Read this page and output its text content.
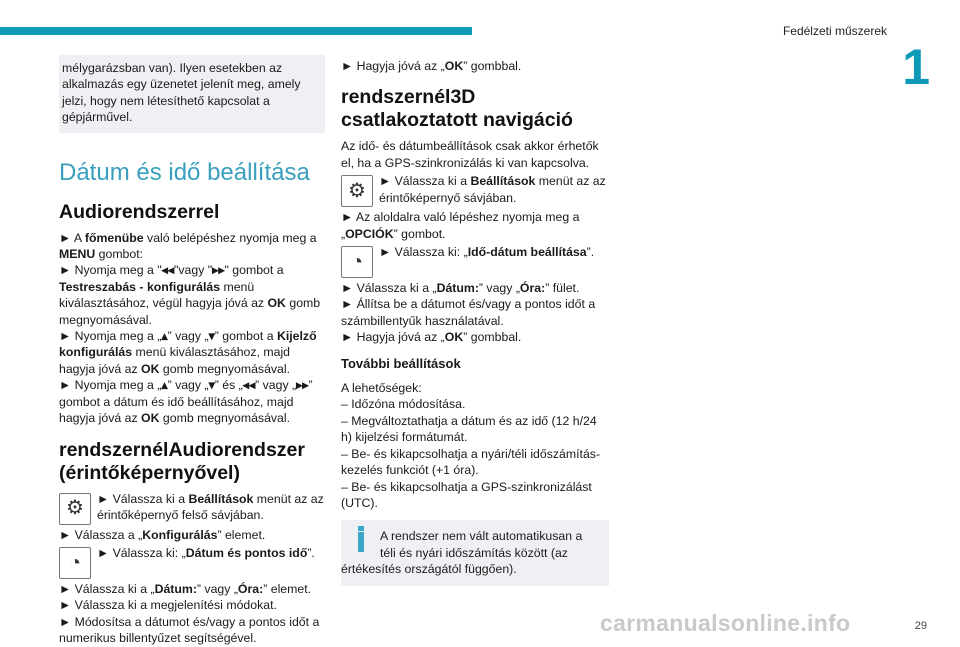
Fedélzeti műszerek
1

mélygarázsban van). Ilyen esetekben az alkalmazás egy üzenetet jelenít meg, amely jelzi, hogy nem létesíthető kapcsolat a gépjárművel.

Dátum és idő beállítása
Audiorendszerrel

► A főmenübe való belépéshez nyomja meg a MENU gombot:

► Nyomja meg a "◂◂"vagy "▸▸" gombot a Testreszabás - konfigurálás menü kiválasztásához, végül hagyja jóvá az OK gomb megnyomásával.

► Nyomja meg a „▴” vagy „▾” gombot a Kijelző konfigurálás menü kiválasztásához, majd hagyja jóvá az OK gomb megnyomásával.

► Nyomja meg a „▴” vagy „▾” és „◂◂” vagy „▸▸” gombot a dátum és idő beállításához, majd hagyja jóvá az OK gomb megnyomásával.

rendszernélAudiorendszer (érintőképernyővel)
⚙	► Válassza ki a Beállítások menüt az az érintőképernyő felső sávjában.

► Válassza a „Konfigurálás” elemet.

◔	► Válassza ki: „Dátum és pontos idő”.

► Válassza ki a „Dátum:” vagy „Óra:” elemet.

► Válassza ki a megjelenítési módokat.

► Módosítsa a dátumot és/vagy a pontos időt a numerikus billentyűzet segítségével.

► Hagyja jóvá az „OK” gombbal.

rendszernél3D csatlakoztatott navigáció

Az idő- és dátumbeállítások csak akkor érhetők el, ha a GPS-szinkronizálás ki van kapcsolva.

⚙	► Válassza ki a Beállítások menüt az az érintőképernyő sávjában.

► Az aloldalra való lépéshez nyomja meg a „OPCIÓK” gombot.

◔	► Válassza ki: „Idő-dátum beállítása”.

► Válassza ki a „Dátum:” vagy „Óra:” fület.

► Állítsa be a dátumot és/vagy a pontos időt a számbillentyűk használatával.

► Hagyja jóvá az „OK” gombbal.

További beállítások

A lehetőségek:

– Időzóna módosítása.

– Megváltoztathatja a dátum és az idő (12 h/24 h) kijelzési formátumát.

– Be- és kikapcsolhatja a nyári/téli időszámítás-kezelés funkciót (+1 óra).

– Be- és kikapcsolhatja a GPS-szinkronizálást (UTC).

A rendszer nem vált automatikusan a téli és nyári időszámítás között (az értékesítés országától függően).

carmanualsonline.info	29
